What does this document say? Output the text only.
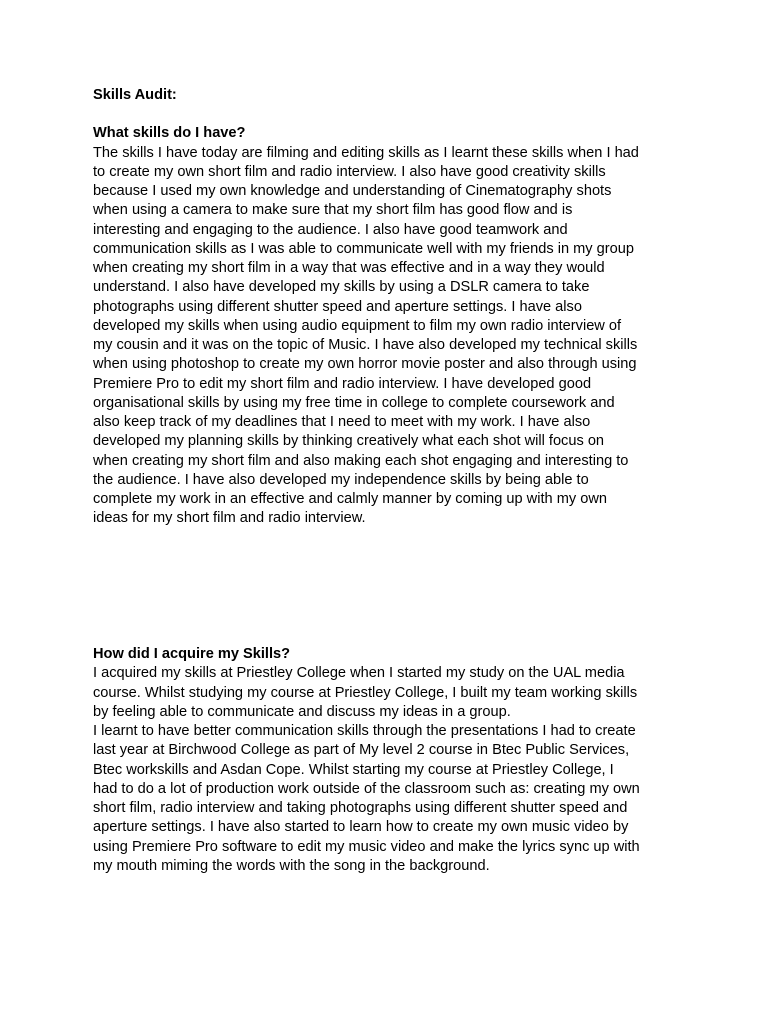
Skills Audit:

What skills do I have?

The skills I have today are filming and editing skills as I learnt these skills when I had
to create my own short film and radio interview. I also have good creativity skills
because I used my own knowledge and understanding of Cinematography shots
when using a camera to make sure that my short film has good flow and is
interesting and engaging to the audience. I also have good teamwork and
communication skills as I was able to communicate well with my friends in my group
when creating my short film in a way that was effective and in a way they would
understand. I also have developed my skills by using a DSLR camera to take
photographs using different shutter speed and aperture settings. I have also
developed my skills when using audio equipment to film my own radio interview of
my cousin and it was on the topic of Music. I have also developed my technical skills
when using photoshop to create my own horror movie poster and also through using
Premiere Pro to edit my short film and radio interview. I have developed good
organisational skills by using my free time in college to complete coursework and
also keep track of my deadlines that I need to meet with my work. I have also
developed my planning skills by thinking creatively what each shot will focus on
when creating my short film and also making each shot engaging and interesting to
the audience. I have also developed my independence skills by being able to
complete my work in an effective and calmly manner by coming up with my own
ideas for my short film and radio interview.

How did I acquire my Skills?

I acquired my skills at Priestley College when I started my study on the UAL media
course. Whilst studying my course at Priestley College, I built my team working skills
by feeling able to communicate and discuss my ideas in a group.
I learnt to have better communication skills through the presentations I had to create
last year at Birchwood College as part of My level 2 course in Btec Public Services,
Btec workskills and Asdan Cope. Whilst starting my course at Priestley College, I
had to do a lot of production work outside of the classroom such as: creating my own
short film, radio interview and taking photographs using different shutter speed and
aperture settings. I have also started to learn how to create my own music video by
using Premiere Pro software to edit my music video and make the lyrics sync up with
my mouth miming the words with the song in the background.
